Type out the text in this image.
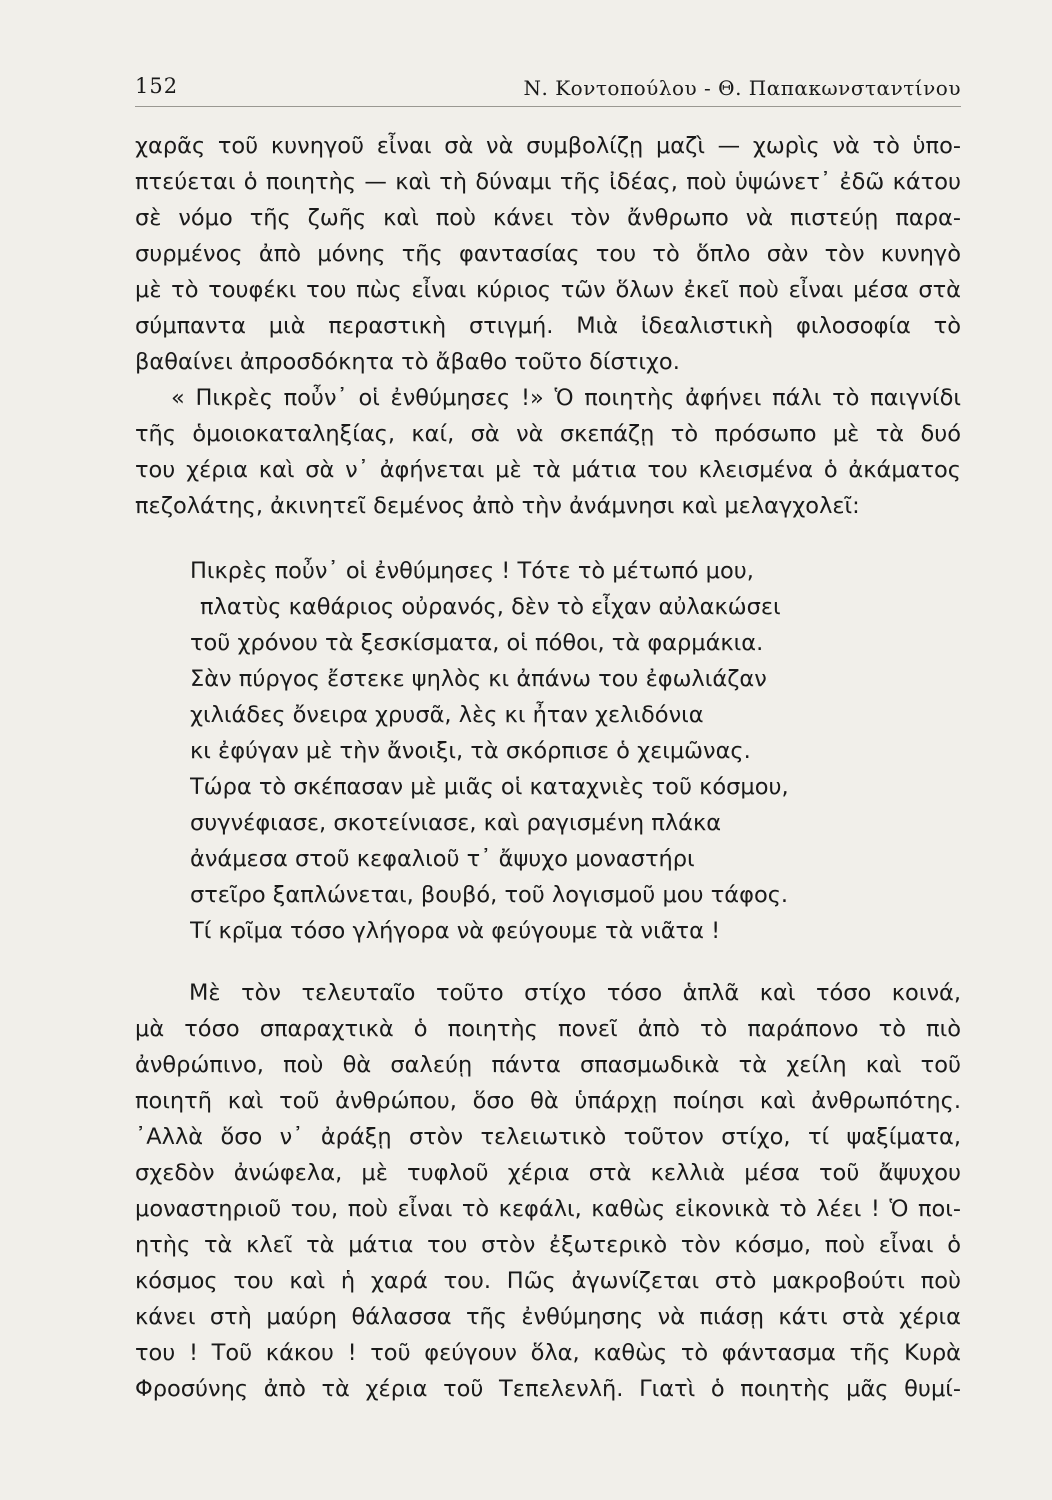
152	Ν. Κοντοπούλου - Θ. Παπακωνσταντίνου
χαρᾶς τοῦ κυνηγοῦ εἶναι σὰ νὰ συμβολίζῃ μαζὶ — χωρὶς νὰ τὸ ὑπο-
πτεύεται ὁ ποιητὴς — καὶ τὴ δύναμι τῆς ἰδέας, ποὺ ὑψώνετ᾿ ἐδῶ κάτου
σὲ νόμο τῆς ζωῆς καὶ ποὺ κάνει τὸν ἄνθρωπο νὰ πιστεύῃ παρα-
συρμένος ἀπὸ μόνης τῆς φαντασίας του τὸ ὅπλο σὰν τὸν κυνηγὸ
μὲ τὸ τουφέκι του πὼς εἶναι κύριος τῶν ὅλων ἐκεῖ ποὺ εἶναι μέσα στὰ
σύμπαντα μιὰ περαστικὴ στιγμή. Μιὰ ἰδεαλιστικὴ φιλοσοφία τὸ
βαθαίνει ἀπροσδόκητα τὸ ἄβαθο τοῦτο δίστιχο.
« Πικρὲς ποὖν᾿ οἱ ἐνθύμησες !» Ὁ ποιητὴς ἀφήνει πάλι τὸ παιγνίδι
τῆς ὁμοιοκαταληξίας, καί, σὰ νὰ σκεπάζῃ τὸ πρόσωπο μὲ τὰ δυό
του χέρια καὶ σὰ ν᾿ ἀφήνεται μὲ τὰ μάτια του κλεισμένα ὁ ἀκάματος
πεζολάτης, ἀκινητεῖ δεμένος ἀπὸ τὴν ἀνάμνησι καὶ μελαγχολεῖ:
Πικρὲς ποὖν᾿ οἱ ἐνθύμησες ! Τότε τὸ μέτωπό μου,
πλατὺς καθάριος οὐρανός, δὲν τὸ εἶχαν αὐλακώσει
τοῦ χρόνου τὰ ξεσκίσματα, οἱ πόθοι, τὰ φαρμάκια.
Σὰν πύργος ἔστεκε ψηλὸς κι ἀπάνω του ἐφωλιάζαν
χιλιάδες ὄνειρα χρυσᾶ, λὲς κι ἦταν χελιδόνια
κι ἐφύγαν μὲ τὴν ἄνοιξι, τὰ σκόρπισε ὁ χειμῶνας.
Τώρα τὸ σκέπασαν μὲ μιᾶς οἱ καταχνιὲς τοῦ κόσμου,
συγνέφιασε, σκοτείνιασε, καὶ ραγισμένη πλάκα
ἀνάμεσα στοῦ κεφαλιοῦ τ᾿ ἄψυχο μοναστήρι
στεῖρο ξαπλώνεται, βουβό, τοῦ λογισμοῦ μου τάφος.
Τί κρῖμα τόσο γλήγορα νὰ φεύγουμε τὰ νιᾶτα !
Μὲ τὸν τελευταῖο τοῦτο στίχο τόσο ἁπλᾶ καὶ τόσο κοινά,
μὰ τόσο σπαραχτικὰ ὁ ποιητὴς πονεῖ ἀπὸ τὸ παράπονο τὸ πιὸ
ἀνθρώπινο, ποὺ θὰ σαλεύῃ πάντα σπασμωδικὰ τὰ χείλη καὶ τοῦ
ποιητῆ καὶ τοῦ ἀνθρώπου, ὅσο θὰ ὑπάρχῃ ποίησι καὶ ἀνθρωπότης.
᾿Αλλὰ ὅσο ν᾿ ἀράξῃ στὸν τελειωτικὸ τοῦτον στίχο, τί ψαξίματα,
σχεδὸν ἀνώφελα, μὲ τυφλοῦ χέρια στὰ κελλιὰ μέσα τοῦ ἄψυχου
μοναστηριοῦ του, ποὺ εἶναι τὸ κεφάλι, καθὼς εἰκονικὰ τὸ λέει ! Ὁ ποι-
ητὴς τὰ κλεῖ τὰ μάτια του στὸν ἐξωτερικὸ τὸν κόσμο, ποὺ εἶναι ὁ
κόσμος του καὶ ἡ χαρά του. Πῶς ἀγωνίζεται στὸ μακροβούτι ποὺ
κάνει στὴ μαύρη θάλασσα τῆς ἐνθύμησης νὰ πιάσῃ κάτι στὰ χέρια
του ! Τοῦ κάκου ! τοῦ φεύγουν ὅλα, καθὼς τὸ φάντασμα τῆς Κυρὰ
Φροσύνης ἀπὸ τὰ χέρια τοῦ Τεπελενλῆ. Γιατὶ ὁ ποιητὴς μᾶς θυμί-
